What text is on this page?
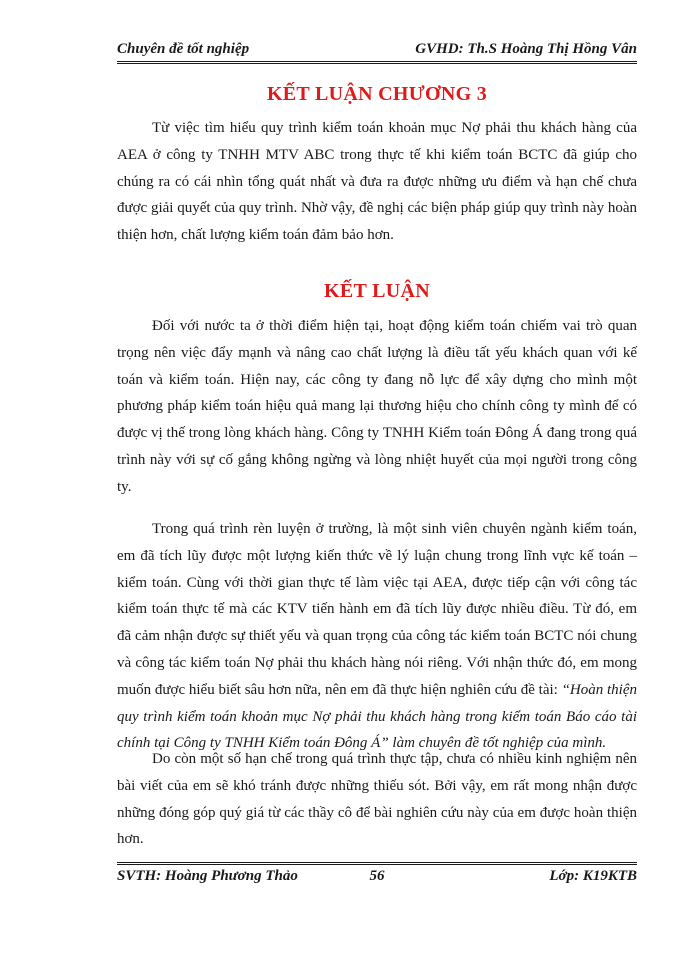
Chuyên đề tốt nghiệp	GVHD: Th.S Hoàng Thị Hồng Vân
KẾT LUẬN CHƯƠNG 3

Từ việc tìm hiểu quy trình kiểm toán khoản mục Nợ phải thu khách hàng của AEA ở công ty TNHH MTV ABC trong thực tế khi kiểm toán BCTC đã giúp cho chúng ra có cái nhìn tổng quát nhất và đưa ra được những ưu điểm và hạn chế chưa được giải quyết của quy trình. Nhờ vậy, đề nghị các biện pháp giúp quy trình này hoàn thiện hơn, chất lượng kiểm toán đảm bảo hơn.

KẾT LUẬN

Đối với nước ta ở thời điểm hiện tại, hoạt động kiểm toán chiếm vai trò quan trọng nên việc đẩy mạnh và nâng cao chất lượng là điều tất yếu khách quan với kế toán và kiểm toán. Hiện nay, các công ty đang nỗ lực để xây dựng cho mình một phương pháp kiểm toán hiệu quả mang lại thương hiệu cho chính công ty mình để có được vị thế trong lòng khách hàng. Công ty TNHH Kiểm toán Đông Á đang trong quá trình này với sự cố gắng không ngừng và lòng nhiệt huyết của mọi người trong công ty.

Trong quá trình rèn luyện ở trường, là một sinh viên chuyên ngành kiểm toán, em đã tích lũy được một lượng kiến thức về lý luận chung trong lĩnh vực kế toán – kiểm toán. Cùng với thời gian thực tế làm việc tại AEA, được tiếp cận với công tác kiểm toán thực tế mà các KTV tiến hành em đã tích lũy được nhiều điều. Từ đó, em đã cảm nhận được sự thiết yếu và quan trọng của công tác kiểm toán BCTC nói chung và công tác kiểm toán Nợ phải thu khách hàng nói riêng. Với nhận thức đó, em mong muốn được hiểu biết sâu hơn nữa, nên em đã thực hiện nghiên cứu đề tài: “Hoàn thiện quy trình kiểm toán khoản mục Nợ phải thu khách hàng trong kiểm toán Báo cáo tài chính tại Công ty TNHH Kiểm toán Đông Á” làm chuyên đề tốt nghiệp của mình.

Do còn một số hạn chế trong quá trình thực tập, chưa có nhiều kinh nghiệm nên bài viết của em sẽ khó tránh được những thiếu sót. Bởi vậy, em rất mong nhận được những đóng góp quý giá từ các thầy cô để bài nghiên cứu này của em được hoàn thiện hơn.

SVTH: Hoàng Phương Thảo	56	Lớp: K19KTB
